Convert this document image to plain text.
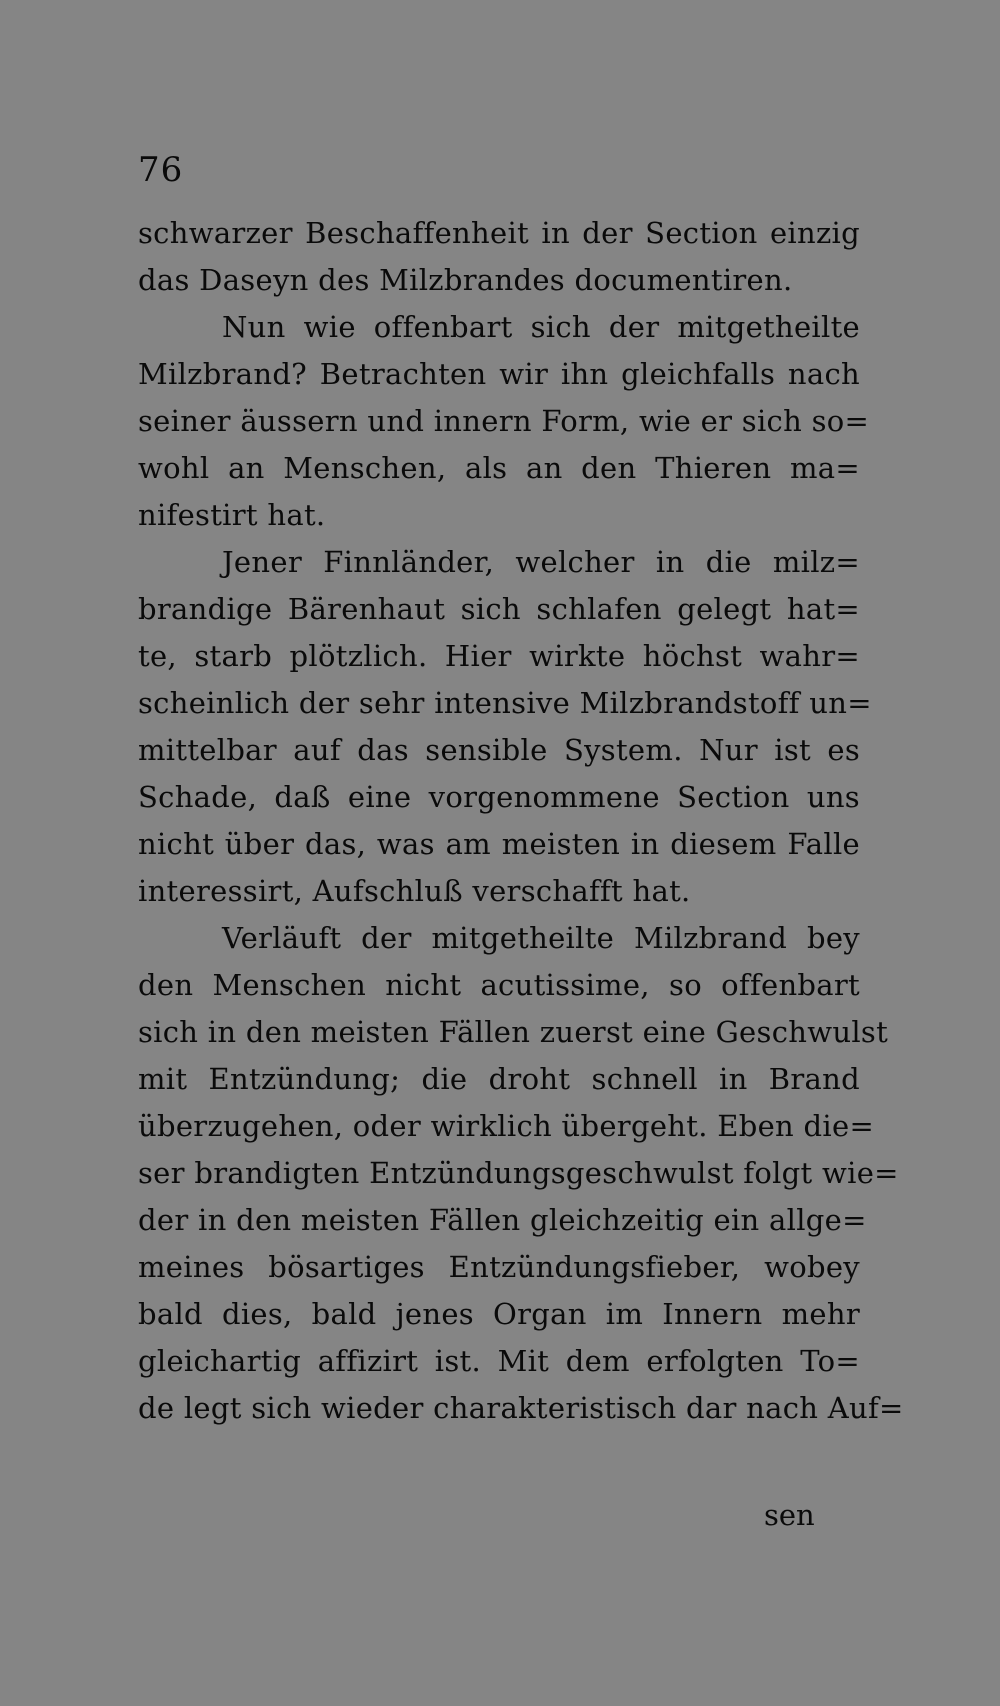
76
schwarzer Beschaffenheit in der Section einzig
das Daseyn des Milzbrandes documentiren.
Nun wie offenbart sich der mitgetheilte
Milzbrand? Betrachten wir ihn gleichfalls nach
seiner äussern und innern Form, wie er sich so=
wohl an Menschen, als an den Thieren ma=
nifestirt hat.
Jener Finnländer, welcher in die milz=
brandige Bärenhaut sich schlafen gelegt hat=
te, starb plötzlich. Hier wirkte höchst wahr=
scheinlich der sehr intensive Milzbrandstoff un=
mittelbar auf das sensible System. Nur ist es
Schade, daß eine vorgenommene Section uns
nicht über das, was am meisten in diesem Falle
interessirt, Aufschluß verschafft hat.
Verläuft der mitgetheilte Milzbrand bey
den Menschen nicht acutissime, so offenbart
sich in den meisten Fällen zuerst eine Geschwulst
mit Entzündung; die droht schnell in Brand
überzugehen, oder wirklich übergeht. Eben die=
ser brandigten Entzündungsgeschwulst folgt wie=
der in den meisten Fällen gleichzeitig ein allge=
meines bösartiges Entzündungsfieber, wobey
bald dies, bald jenes Organ im Innern mehr
gleichartig affizirt ist. Mit dem erfolgten To=
de legt sich wieder charakteristisch dar nach Auf=
sen
